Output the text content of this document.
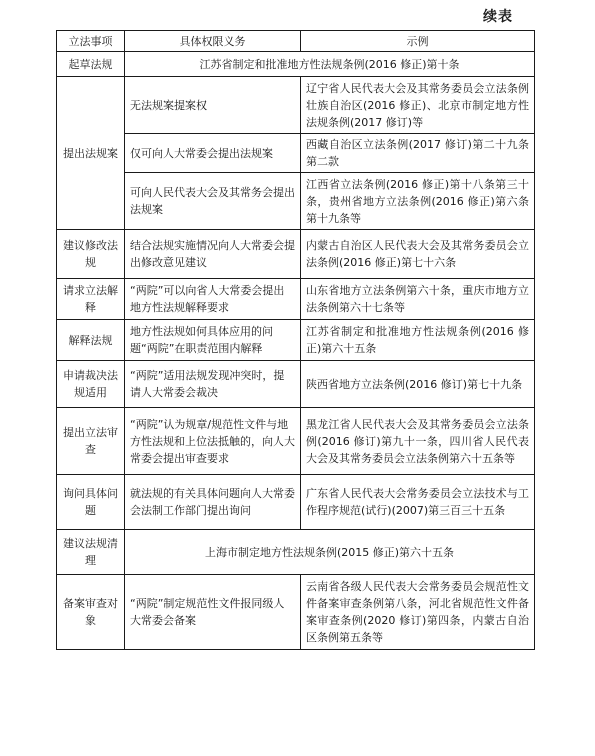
续表
立法事项	具体权限义务	示例
起草法规	江苏省制定和批准地方性法规条例(2016 修正)第十条	
提出法规案	无法规案提案权	辽宁省人民代表大会及其常务委员会立法条例壮族自治区(2016 修正)、北京市制定地方性法规条例(2017 修订)等
	仅可向人大常委会提出法规案	西藏自治区立法条例(2017 修订)第二十九条第二款
	可向人民代表大会及其常务会提出法规案	江西省立法条例(2016 修正)第十八条第三十条，贵州省地方立法条例(2016 修正)第六条第十九条等
建议修改法规	结合法规实施情况向人大常委会提出修改意见建议	内蒙古自治区人民代表大会及其常务委员会立法条例(2016 修正)第七十六条
请求立法解释	“两院”可以向省人大常委会提出地方性法规解释要求	山东省地方立法条例第六十条，重庆市地方立法条例第六十七条等
解释法规	地方性法规如何具体应用的问题“两院”在职责范围内解释	江苏省制定和批准地方性法规条例(2016 修正)第六十五条
申请裁决法规适用	“两院”适用法规发现冲突时，提请人大常委会裁决	陕西省地方立法条例(2016 修订)第七十九条
提出立法审查	“两院”认为规章/规范性文件与地方性法规和上位法抵触的，向人大常委会提出审查要求	黑龙江省人民代表大会及其常务委员会立法条例(2016 修订)第九十一条，四川省人民代表大会及其常务委员会立法条例第六十五条等
询问具体问题	就法规的有关具体问题向人大常委会法制工作部门提出询问	广东省人民代表大会常务委员会立法技术与工作程序规范(试行)(2007)第三百三十五条
建议法规清理	上海市制定地方性法规条例(2015 修正)第六十五条	
备案审查对象	“两院”制定规范性文件报同级人大常委会备案	云南省各级人民代表大会常务委员会规范性文件备案审查条例第八条，河北省规范性文件备案审查条例(2020 修订)第四条，内蒙古自治区条例第五条等
